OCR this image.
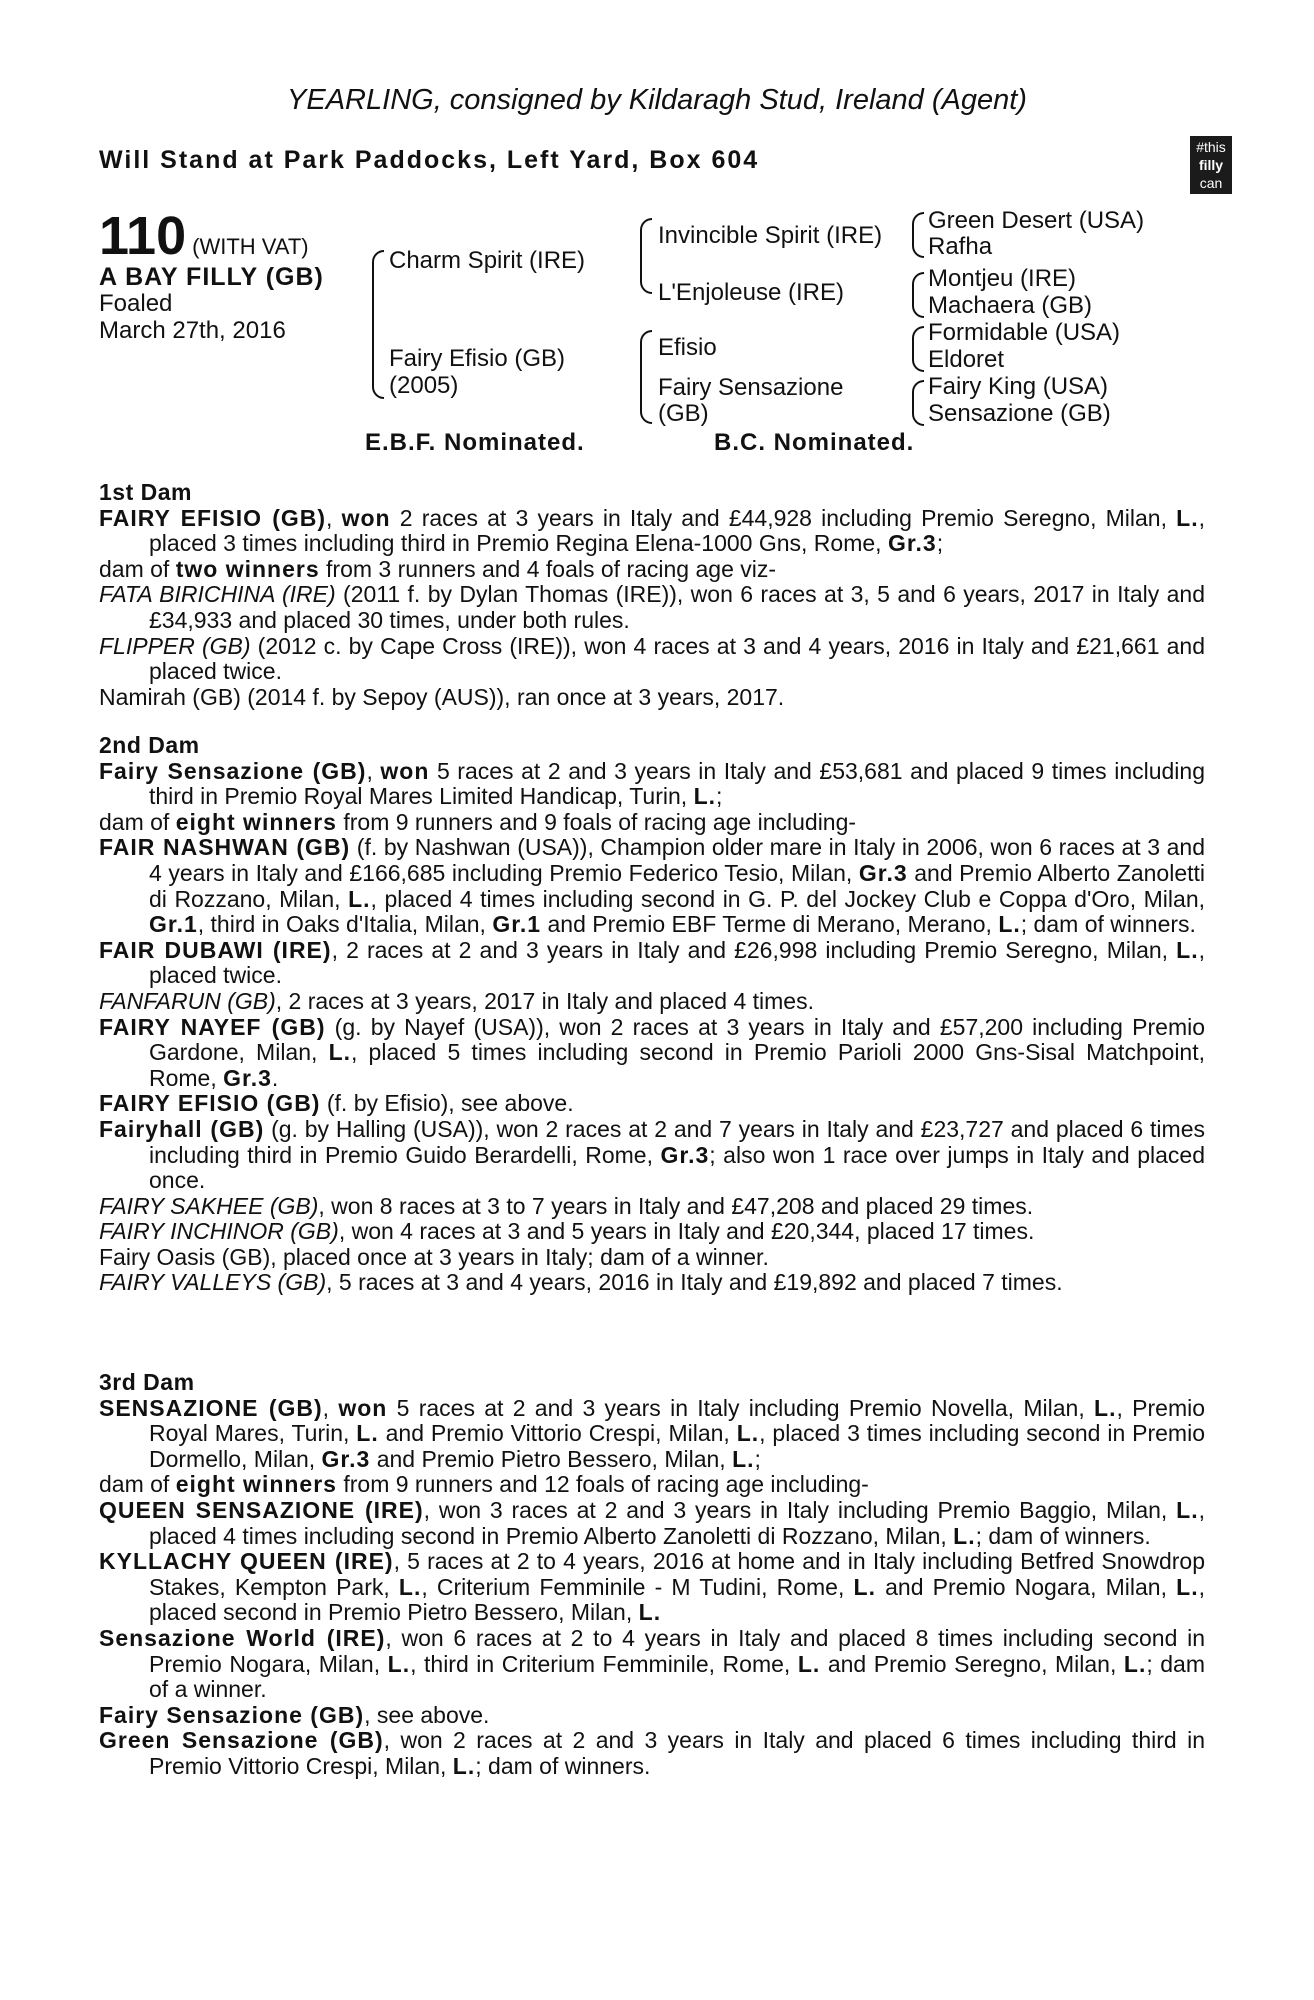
YEARLING, consigned by Kildaragh Stud, Ireland (Agent)
Will Stand at Park Paddocks, Left Yard, Box 604	#this
filly
can
110 (WITH VAT)
A BAY FILLY (GB)
Foaled
March 27th, 2016
Charm Spirit (IRE)
Fairy Efisio (GB)
(2005)
Invincible Spirit (IRE)
L'Enjoleuse (IRE)
Efisio
Fairy Sensazione
(GB)
Green Desert (USA)
Rafha
Montjeu (IRE)
Machaera (GB)
Formidable (USA)
Eldoret
Fairy King (USA)
Sensazione (GB)
E.B.F. Nominated.	B.C. Nominated.

1st Dam

FAIRY EFISIO (GB), won 2 races at 3 years in Italy and £44,928 including Premio Seregno, Milan, L., placed 3 times including third in Premio Regina Elena-1000 Gns, Rome, Gr.3;

dam of two winners from 3 runners and 4 foals of racing age viz-

FATA BIRICHINA (IRE) (2011 f. by Dylan Thomas (IRE)), won 6 races at 3, 5 and 6 years, 2017 in Italy and £34,933 and placed 30 times, under both rules.

FLIPPER (GB) (2012 c. by Cape Cross (IRE)), won 4 races at 3 and 4 years, 2016 in Italy and £21,661 and placed twice.

Namirah (GB) (2014 f. by Sepoy (AUS)), ran once at 3 years, 2017.

2nd Dam

Fairy Sensazione (GB), won 5 races at 2 and 3 years in Italy and £53,681 and placed 9 times including third in Premio Royal Mares Limited Handicap, Turin, L.;

dam of eight winners from 9 runners and 9 foals of racing age including-

FAIR NASHWAN (GB) (f. by Nashwan (USA)), Champion older mare in Italy in 2006, won 6 races at 3 and 4 years in Italy and £166,685 including Premio Federico Tesio, Milan, Gr.3 and Premio Alberto Zanoletti di Rozzano, Milan, L., placed 4 times including second in G. P. del Jockey Club e Coppa d'Oro, Milan, Gr.1, third in Oaks d'Italia, Milan, Gr.1 and Premio EBF Terme di Merano, Merano, L.; dam of winners.

FAIR DUBAWI (IRE), 2 races at 2 and 3 years in Italy and £26,998 including Premio Seregno, Milan, L., placed twice.

FANFARUN (GB), 2 races at 3 years, 2017 in Italy and placed 4 times.

FAIRY NAYEF (GB) (g. by Nayef (USA)), won 2 races at 3 years in Italy and £57,200 including Premio Gardone, Milan, L., placed 5 times including second in Premio Parioli 2000 Gns-Sisal Matchpoint, Rome, Gr.3.

FAIRY EFISIO (GB) (f. by Efisio), see above.

Fairyhall (GB) (g. by Halling (USA)), won 2 races at 2 and 7 years in Italy and £23,727 and placed 6 times including third in Premio Guido Berardelli, Rome, Gr.3; also won 1 race over jumps in Italy and placed once.

FAIRY SAKHEE (GB), won 8 races at 3 to 7 years in Italy and £47,208 and placed 29 times.

FAIRY INCHINOR (GB), won 4 races at 3 and 5 years in Italy and £20,344, placed 17 times.

Fairy Oasis (GB), placed once at 3 years in Italy; dam of a winner.

FAIRY VALLEYS (GB), 5 races at 3 and 4 years, 2016 in Italy and £19,892 and placed 7 times.

3rd Dam

SENSAZIONE (GB), won 5 races at 2 and 3 years in Italy including Premio Novella, Milan, L., Premio Royal Mares, Turin, L. and Premio Vittorio Crespi, Milan, L., placed 3 times including second in Premio Dormello, Milan, Gr.3 and Premio Pietro Bessero, Milan, L.;

dam of eight winners from 9 runners and 12 foals of racing age including-

QUEEN SENSAZIONE (IRE), won 3 races at 2 and 3 years in Italy including Premio Baggio, Milan, L., placed 4 times including second in Premio Alberto Zanoletti di Rozzano, Milan, L.; dam of winners.

KYLLACHY QUEEN (IRE), 5 races at 2 to 4 years, 2016 at home and in Italy including Betfred Snowdrop Stakes, Kempton Park, L., Criterium Femminile - M Tudini, Rome, L. and Premio Nogara, Milan, L., placed second in Premio Pietro Bessero, Milan, L.

Sensazione World (IRE), won 6 races at 2 to 4 years in Italy and placed 8 times including second in Premio Nogara, Milan, L., third in Criterium Femminile, Rome, L. and Premio Seregno, Milan, L.; dam of a winner.

Fairy Sensazione (GB), see above.

Green Sensazione (GB), won 2 races at 2 and 3 years in Italy and placed 6 times including third in Premio Vittorio Crespi, Milan, L.; dam of winners.
